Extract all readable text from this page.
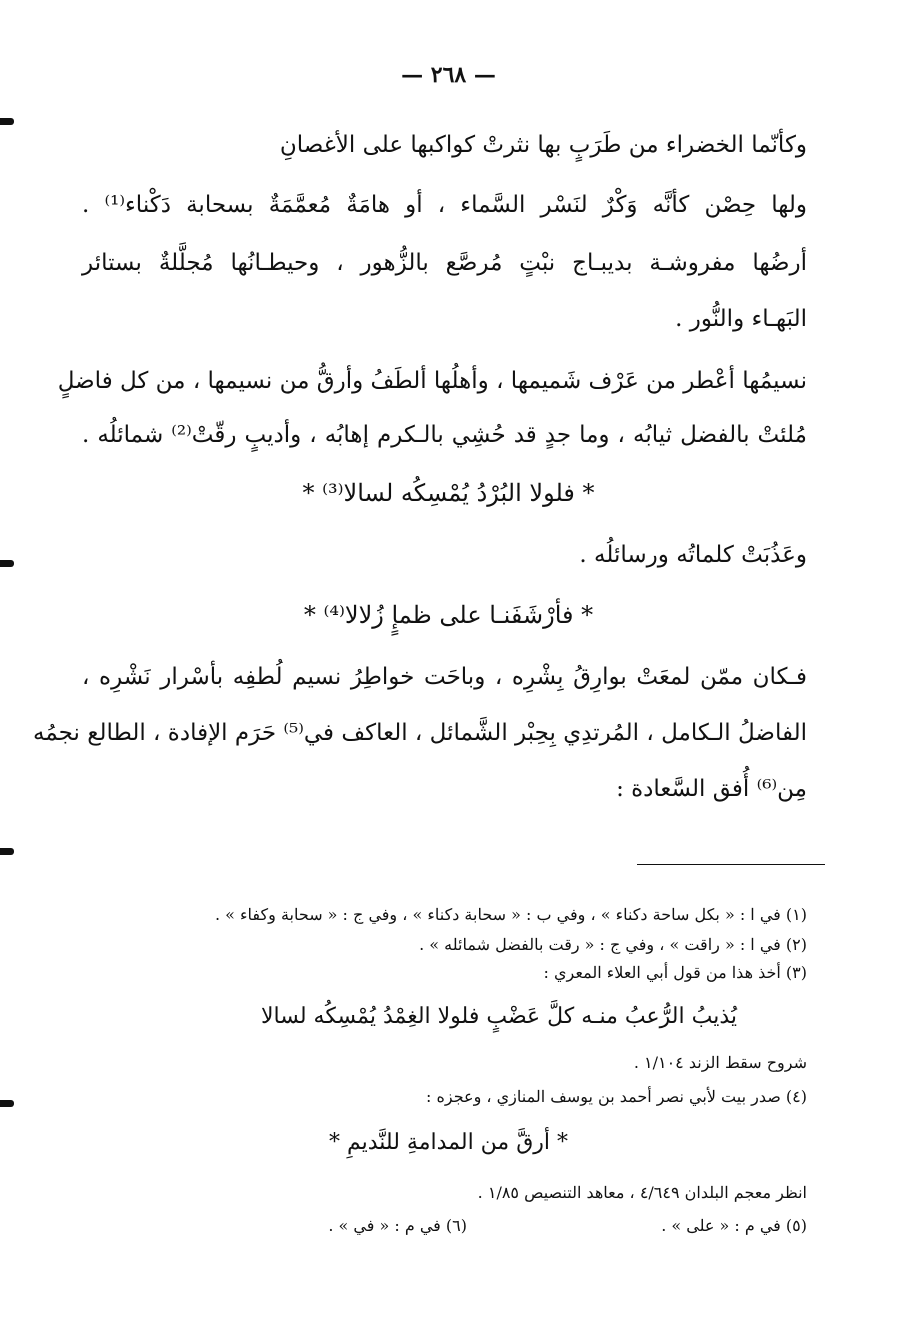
— ٢٦٨ —
وكأنّما الخضراء من طَرَبٍ بها نثرتْ كواكبها على الأغصانِ
ولها حِصْن كأنَّه وَكْرٌ لنَسْر السَّماء ، أو هامَةٌ مُعمَّمَةٌ بسحابة دَكْناء⁽¹⁾ .
أرضُها مفروشـة بديبـاج نبْتٍ مُرصَّع بالزُّهور ، وحيطـانُها مُجلَّلةٌ بستائر
البَهـاء والنُّور .
نسيمُها أعْطر من عَرْف شَميمها ، وأهلُها ألطَفُ وأرقُّ من نسيمها ، من كل فاضلٍ
مُلئتْ بالفضل ثيابُه ، وما جدٍ قد حُشِي بالـكرم إهابُه ، وأديبٍ رقّتْ⁽²⁾ شمائلُه .
* فلولا البُرْدُ يُمْسِكُه لسالا⁽³⁾ *
وعَذُبَتْ كلماتُه ورسائلُه .
* فأرْشَفَنـا على ظمإٍ زُلالا⁽⁴⁾ *
فـكان ممّن لمعَتْ بوارِقُ بِشْرِه ، وباحَت خواطِرُ نسيم لُطفِه بأسْرار نَشْرِه ،
الفاضلُ الـكامل ، المُرتدِي بِحِبْر الشَّمائل ، العاكف في⁽⁵⁾ حَرَم الإفادة ، الطالع نجمُه
مِن⁽⁶⁾ أُفق السَّعادة :
(١) في ا : « بكل ساحة دكناء » ، وفي ب : « سحابة دكناء » ، وفي ج : « سحابة وكفاء » .
(٢) في ا : « راقت » ، وفي ج : « رقت بالفضل شمائله » .
(٣) أخذ هذا من قول أبي العلاء المعري :
يُذيبُ الرُّعبُ منـه كلَّ عَضْبٍ فلولا الغِمْدُ يُمْسِكُه لسالا
شروح سقط الزند ١/١٠٤ .
(٤) صدر بيت لأبي نصر أحمد بن يوسف المنازي ، وعجزه :
* أرقَّ من المدامةِ للنَّديمِ *
انظر معجم البلدان ٤/٦٤٩ ، معاهد التنصيص ١/٨٥ .
(٥) في م : « على » .
(٦) في م : « في » .
